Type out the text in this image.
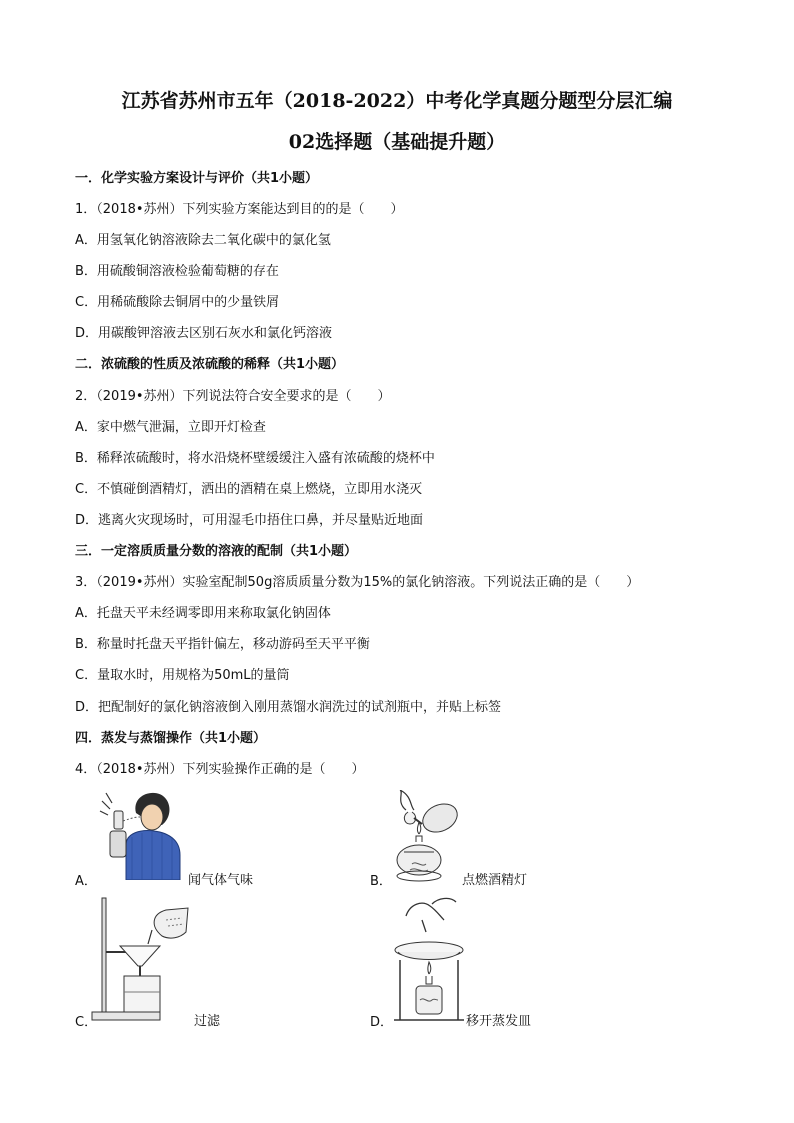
江苏省苏州市五年（2018-2022）中考化学真题分题型分层汇编
02选择题（基础提升题）
一．化学实验方案设计与评价（共1小题）
1．（2018•苏州）下列实验方案能达到目的的是（　　）
A．用氢氧化钠溶液除去二氧化碳中的氯化氢
B．用硫酸铜溶液检验葡萄糖的存在
C．用稀硫酸除去铜屑中的少量铁屑
D．用碳酸钾溶液去区别石灰水和氯化钙溶液
二．浓硫酸的性质及浓硫酸的稀释（共1小题）
2．（2019•苏州）下列说法符合安全要求的是（　　）
A．家中燃气泄漏，立即开灯检查
B．稀释浓硫酸时，将水沿烧杯壁缓缓注入盛有浓硫酸的烧杯中
C．不慎碰倒酒精灯，洒出的酒精在桌上燃烧，立即用水浇灭
D．逃离火灾现场时，可用湿毛巾捂住口鼻，并尽量贴近地面
三．一定溶质质量分数的溶液的配制（共1小题）
3．（2019•苏州）实验室配制50g溶质质量分数为15%的氯化钠溶液。下列说法正确的是（　　）
A．托盘天平未经调零即用来称取氯化钠固体
B．称量时托盘天平指针偏左，移动游码至天平平衡
C．量取水时，用规格为50mL的量筒
D．把配制好的氯化钠溶液倒入刚用蒸馏水润洗过的试剂瓶中，并贴上标签
四．蒸发与蒸馏操作（共1小题）
4．（2018•苏州）下列实验操作正确的是（　　）
A．	闻气体气味	B．	点燃酒精灯
C．	过滤	D．	移开蒸发皿
